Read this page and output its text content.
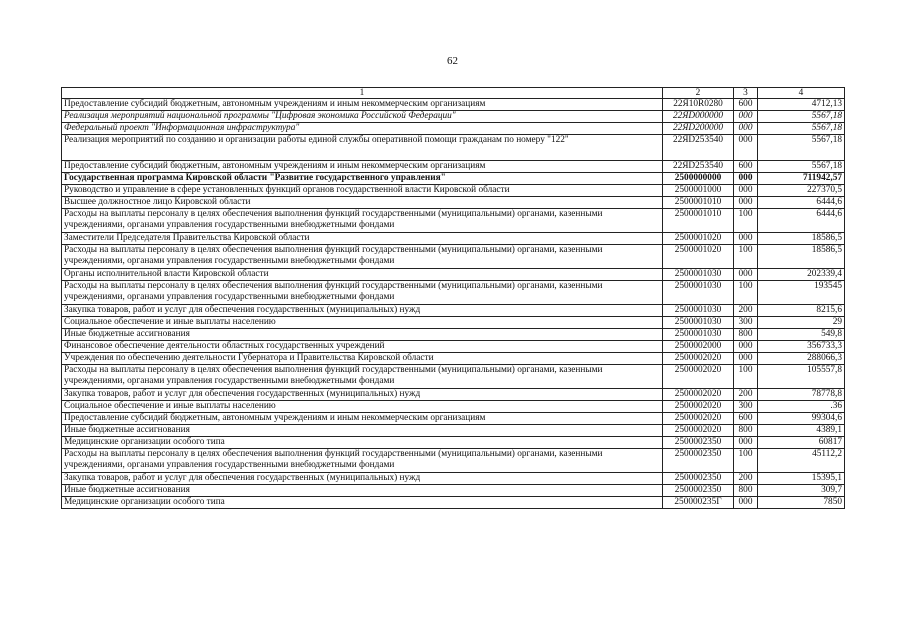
62
1	2	3	4
Предоставление субсидий бюджетным, автономным учреждениям и иным некоммерческим организациям	22Я10R0280	600	4712,13
Реализация мероприятий национальной программы "Цифровая экономика Российской Федерации"	22ЯD000000	000	5567,18
Федеральный проект "Информационная инфраструктура"	22ЯD200000	000	5567,18
Реализация мероприятий по созданию и организации работы единой службы оперативной помощи гражданам по номеру "122"	22ЯD253540	000	5567,18
Предоставление субсидий бюджетным, автономным учреждениям и иным некоммерческим организациям	22ЯD253540	600	5567,18
Государственная программа Кировской области "Развитие государственного управления"	2500000000	000	711942,57
Руководство и управление в сфере установленных функций органов государственной власти Кировской области	2500001000	000	227370,5
Высшее должностное лицо Кировской области	2500001010	000	6444,6
Расходы на выплаты персоналу в целях обеспечения выполнения функций государственными (муниципальными) органами, казенными учреждениями, органами управления государственными внебюджетными фондами	2500001010	100	6444,6
Заместители Председателя Правительства Кировской области	2500001020	000	18586,5
Расходы на выплаты персоналу в целях обеспечения выполнения функций государственными (муниципальными) органами, казенными учреждениями, органами управления государственными внебюджетными фондами	2500001020	100	18586,5
Органы исполнительной власти Кировской области	2500001030	000	202339,4
Расходы на выплаты персоналу в целях обеспечения выполнения функций государственными (муниципальными) органами, казенными учреждениями, органами управления государственными внебюджетными фондами	2500001030	100	193545
Закупка товаров, работ и услуг для обеспечения государственных (муниципальных) нужд	2500001030	200	8215,6
Социальное обеспечение и иные выплаты населению	2500001030	300	29
Иные бюджетные ассигнования	2500001030	800	549,8
Финансовое обеспечение деятельности областных государственных учреждений	2500002000	000	356733,3
Учреждения по обеспечению деятельности Губернатора и Правительства Кировской области	2500002020	000	288066,3
Расходы на выплаты персоналу в целях обеспечения выполнения функций государственными (муниципальными) органами, казенными учреждениями, органами управления государственными внебюджетными фондами	2500002020	100	105557,8
Закупка товаров, работ и услуг для обеспечения государственных (муниципальных) нужд	2500002020	200	78778,8
Социальное обеспечение и иные выплаты населению	2500002020	300	.36
Предоставление субсидий бюджетным, автономным учреждениям и иным некоммерческим организациям	2500002020	600	99304,6
Иные бюджетные ассигнования	2500002020	800	4389,1
Медицинские организации особого типа	2500002350	000	60817
Расходы на выплаты персоналу в целях обеспечения выполнения функций государственными (муниципальными) органами, казенными учреждениями, органами управления государственными внебюджетными фондами	2500002350	100	45112,2
Закупка товаров, работ и услуг для обеспечения государственных (муниципальных) нужд	2500002350	200	15395,1
Иные бюджетные ассигнования	2500002350	800	309,7
Медицинские организации особого типа	250000235Г	000	7850
